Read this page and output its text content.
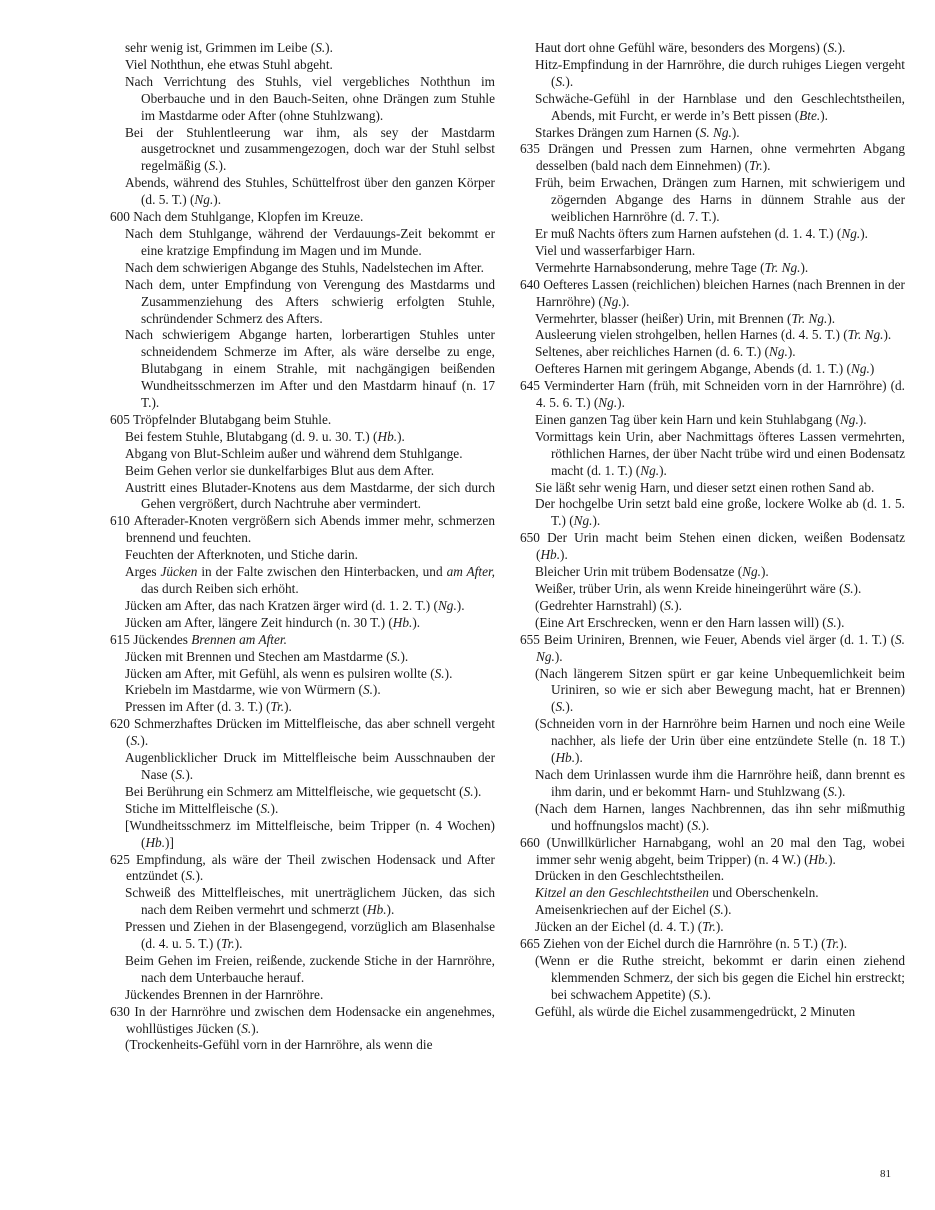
sehr wenig ist, Grimmen im Leibe (S.).
Viel Noththun, ehe etwas Stuhl abgeht.
Nach Verrichtung des Stuhls, viel vergebliches Noththun im Oberbauche und in den Bauch-Seiten, ohne Drängen zum Stuhle im Mastdarme oder After (ohne Stuhlzwang).
Bei der Stuhlentleerung war ihm, als sey der Mastdarm ausgetrocknet und zusammengezogen, doch war der Stuhl selbst regelmäßig (S.).
Abends, während des Stuhles, Schüttelfrost über den ganzen Körper (d. 5. T.) (Ng.).
600 Nach dem Stuhlgange, Klopfen im Kreuze.
Nach dem Stuhlgange, während der Verdauungs-Zeit bekommt er eine kratzige Empfindung im Magen und im Munde.
Nach dem schwierigen Abgange des Stuhls, Nadelstechen im After.
Nach dem, unter Empfindung von Verengung des Mastdarms und Zusammenziehung des Afters schwierig erfolgten Stuhle, schründender Schmerz des Afters.
Nach schwierigem Abgange harten, lorberartigen Stuhles unter schneidendem Schmerze im After, als wäre derselbe zu enge, Blutabgang in einem Strahle, mit nachgängigen beißenden Wundheitsschmerzen im After und den Mastdarm hinauf (n. 17 T.).
605 Tröpfelnder Blutabgang beim Stuhle.
Bei festem Stuhle, Blutabgang (d. 9. u. 30. T.) (Hb.).
Abgang von Blut-Schleim außer und während dem Stuhlgange.
Beim Gehen verlor sie dunkelfarbiges Blut aus dem After.
Austritt eines Blutader-Knotens aus dem Mastdarme, der sich durch Gehen vergrößert, durch Nachtruhe aber vermindert.
610 Afterader-Knoten vergrößern sich Abends immer mehr, schmerzen brennend und feuchten.
Feuchten der Afterknoten, und Stiche darin.
Arges Jücken in der Falte zwischen den Hinterbacken, und am After, das durch Reiben sich erhöht.
Jücken am After, das nach Kratzen ärger wird (d. 1. 2. T.) (Ng.).
Jücken am After, längere Zeit hindurch (n. 30 T.) (Hb.).
615 Jückendes Brennen am After.
Jücken mit Brennen und Stechen am Mastdarme (S.).
Jücken am After, mit Gefühl, als wenn es pulsiren wollte (S.).
Kriebeln im Mastdarme, wie von Würmern (S.).
Pressen im After (d. 3. T.) (Tr.).
620 Schmerzhaftes Drücken im Mittelfleische, das aber schnell vergeht (S.).
Augenblicklicher Druck im Mittelfleische beim Ausschnauben der Nase (S.).
Bei Berührung ein Schmerz am Mittelfleische, wie gequetscht (S.).
Stiche im Mittelfleische (S.).
[Wundheitsschmerz im Mittelfleische, beim Tripper (n. 4 Wochen) (Hb.)]
625 Empfindung, als wäre der Theil zwischen Hodensack und After entzündet (S.).
Schweiß des Mittelfleisches, mit unerträglichem Jücken, das sich nach dem Reiben vermehrt und schmerzt (Hb.).
Pressen und Ziehen in der Blasengegend, vorzüglich am Blasenhalse (d. 4. u. 5. T.) (Tr.).
Beim Gehen im Freien, reißende, zuckende Stiche in der Harnröhre, nach dem Unterbauche herauf.
Jückendes Brennen in der Harnröhre.
630 In der Harnröhre und zwischen dem Hodensacke ein angenehmes, wohllüstiges Jücken (S.).
(Trockenheits-Gefühl vorn in der Harnröhre, als wenn die
Haut dort ohne Gefühl wäre, besonders des Morgens) (S.).
Hitz-Empfindung in der Harnröhre, die durch ruhiges Liegen vergeht (S.).
Schwäche-Gefühl in der Harnblase und den Geschlechtstheilen, Abends, mit Furcht, er werde in’s Bett pissen (Bte.).
Starkes Drängen zum Harnen (S. Ng.).
635 Drängen und Pressen zum Harnen, ohne vermehrten Abgang desselben (bald nach dem Einnehmen) (Tr.).
Früh, beim Erwachen, Drängen zum Harnen, mit schwierigem und zögernden Abgange des Harns in dünnem Strahle aus der weiblichen Harnröhre (d. 7. T.).
Er muß Nachts öfters zum Harnen aufstehen (d. 1. 4. T.) (Ng.).
Viel und wasserfarbiger Harn.
Vermehrte Harnabsonderung, mehre Tage (Tr. Ng.).
640 Oefteres Lassen (reichlichen) bleichen Harnes (nach Brennen in der Harnröhre) (Ng.).
Vermehrter, blasser (heißer) Urin, mit Brennen (Tr. Ng.).
Ausleerung vielen strohgelben, hellen Harnes (d. 4. 5. T.) (Tr. Ng.).
Seltenes, aber reichliches Harnen (d. 6. T.) (Ng.).
Oefteres Harnen mit geringem Abgange, Abends (d. 1. T.) (Ng.)
645 Verminderter Harn (früh, mit Schneiden vorn in der Harnröhre) (d. 4. 5. 6. T.) (Ng.).
Einen ganzen Tag über kein Harn und kein Stuhlabgang (Ng.).
Vormittags kein Urin, aber Nachmittags öfteres Lassen vermehrten, röthlichen Harnes, der über Nacht trübe wird und einen Bodensatz macht (d. 1. T.) (Ng.).
Sie läßt sehr wenig Harn, und dieser setzt einen rothen Sand ab.
Der hochgelbe Urin setzt bald eine große, lockere Wolke ab (d. 1. 5. T.) (Ng.).
650 Der Urin macht beim Stehen einen dicken, weißen Bodensatz (Hb.).
Bleicher Urin mit trübem Bodensatze (Ng.).
Weißer, trüber Urin, als wenn Kreide hineingerührt wäre (S.).
(Gedrehter Harnstrahl) (S.).
(Eine Art Erschrecken, wenn er den Harn lassen will) (S.).
655 Beim Uriniren, Brennen, wie Feuer, Abends viel ärger (d. 1. T.) (S. Ng.).
(Nach längerem Sitzen spürt er gar keine Unbequemlichkeit beim Uriniren, so wie er sich aber Bewegung macht, hat er Brennen) (S.).
(Schneiden vorn in der Harnröhre beim Harnen und noch eine Weile nachher, als liefe der Urin über eine entzündete Stelle (n. 18 T.) (Hb.).
Nach dem Urinlassen wurde ihm die Harnröhre heiß, dann brennt es ihm darin, und er bekommt Harn- und Stuhlzwang (S.).
(Nach dem Harnen, langes Nachbrennen, das ihn sehr mißmuthig und hoffnungslos macht) (S.).
660 (Unwillkürlicher Harnabgang, wohl an 20 mal den Tag, wobei immer sehr wenig abgeht, beim Tripper) (n. 4 W.) (Hb.).
Drücken in den Geschlechtstheilen.
Kitzel an den Geschlechtstheilen und Oberschenkeln.
Ameisenkriechen auf der Eichel (S.).
Jücken an der Eichel (d. 4. T.) (Tr.).
665 Ziehen von der Eichel durch die Harnröhre (n. 5 T.) (Tr.).
(Wenn er die Ruthe streicht, bekommt er darin einen ziehend klemmenden Schmerz, der sich bis gegen die Eichel hin erstreckt; bei schwachem Appetite) (S.).
Gefühl, als würde die Eichel zusammengedrückt, 2 Minuten
81
